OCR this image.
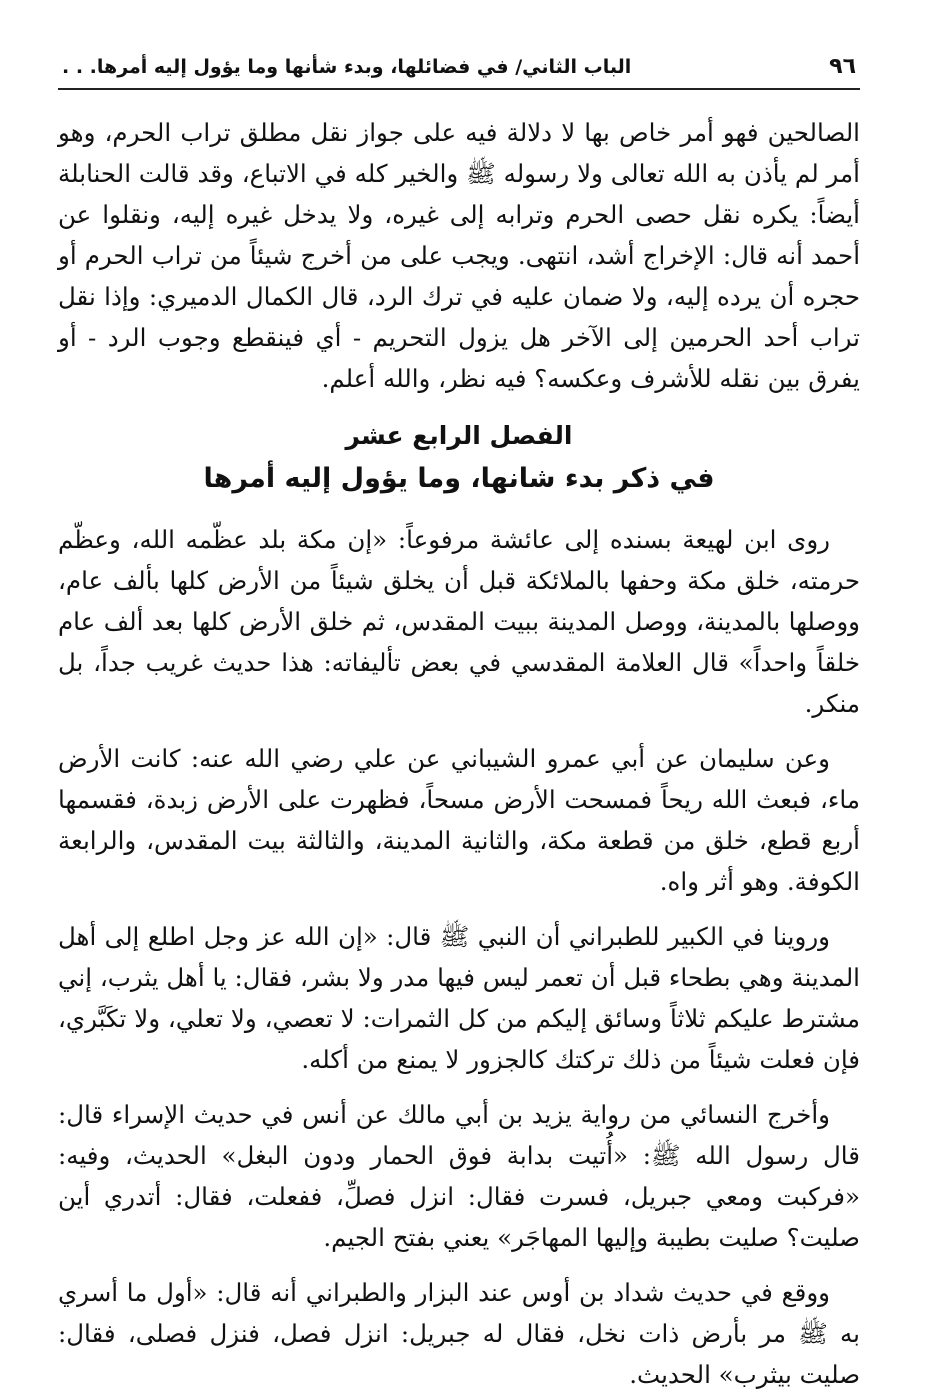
٩٦
الباب الثاني/ في فضائلها، وبدء شأنها وما يؤول إليه أمرها. . .

الصالحين فهو أمر خاص بها لا دلالة فيه على جواز نقل مطلق تراب الحرم، وهو أمر لم يأذن به الله تعالى ولا رسوله ﷺ والخير كله في الاتباع، وقد قالت الحنابلة أيضاً: يكره نقل حصى الحرم وترابه إلى غيره، ولا يدخل غيره إليه، ونقلوا عن أحمد أنه قال: الإخراج أشد، انتهى. ويجب على من أخرج شيئاً من تراب الحرم أو حجره أن يرده إليه، ولا ضمان عليه في ترك الرد، قال الكمال الدميري: وإذا نقل تراب أحد الحرمين إلى الآخر هل يزول التحريم - أي فينقطع وجوب الرد - أو يفرق بين نقله للأشرف وعكسه؟ فيه نظر، والله أعلم.

الفصل الرابع عشر
في ذكر بدء شانها، وما يؤول إليه أمرها

روى ابن لهيعة بسنده إلى عائشة مرفوعاً: «إن مكة بلد عظّمه الله، وعظّم حرمته، خلق مكة وحفها بالملائكة قبل أن يخلق شيئاً من الأرض كلها بألف عام، ووصلها بالمدينة، ووصل المدينة ببيت المقدس، ثم خلق الأرض كلها بعد ألف عام خلقاً واحداً» قال العلامة المقدسي في بعض تأليفاته: هذا حديث غريب جداً، بل منكر.

وعن سليمان عن أبي عمرو الشيباني عن علي رضي الله عنه: كانت الأرض ماء، فبعث الله ريحاً فمسحت الأرض مسحاً، فظهرت على الأرض زبدة، فقسمها أربع قطع، خلق من قطعة مكة، والثانية المدينة، والثالثة بيت المقدس، والرابعة الكوفة. وهو أثر واه.

وروينا في الكبير للطبراني أن النبي ﷺ قال: «إن الله عز وجل اطلع إلى أهل المدينة وهي بطحاء قبل أن تعمر ليس فيها مدر ولا بشر، فقال: يا أهل يثرب، إني مشترط عليكم ثلاثاً وسائق إليكم من كل الثمرات: لا تعصي، ولا تعلي، ولا تكَبَّري، فإن فعلت شيئاً من ذلك تركتك كالجزور لا يمنع من أكله.

وأخرج النسائي من رواية يزيد بن أبي مالك عن أنس في حديث الإسراء قال: قال رسول الله ﷺ: «أُتيت بدابة فوق الحمار ودون البغل» الحديث، وفيه: «فركبت ومعي جبريل، فسرت فقال: انزل فصلِّ، ففعلت، فقال: أتدري أين صليت؟ صليت بطيبة وإليها المهاجَر» يعني بفتح الجيم.

ووقع في حديث شداد بن أوس عند البزار والطبراني أنه قال: «أول ما أسري به ﷺ مر بأرض ذات نخل، فقال له جبريل: انزل فصل، فنزل فصلى، فقال: صليت بيثرب» الحديث.
